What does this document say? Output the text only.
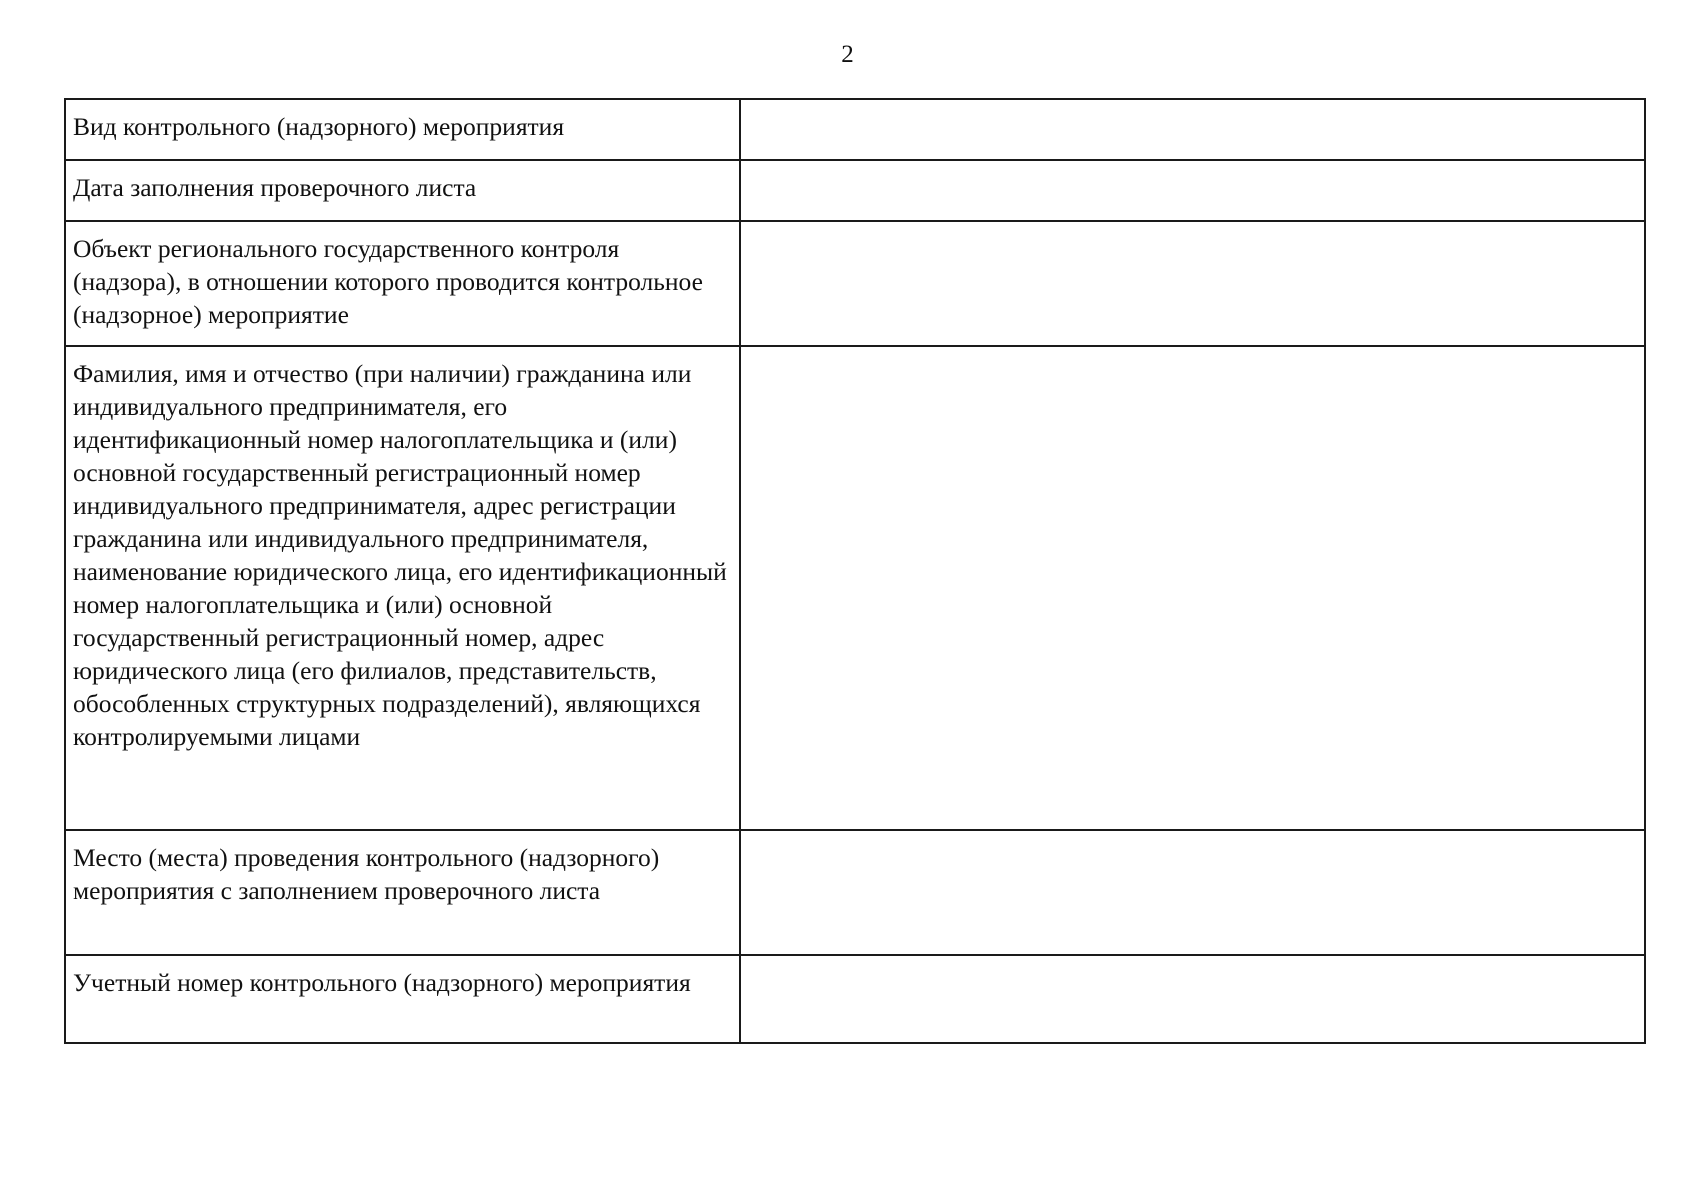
2
Вид контрольного (надзорного) мероприятия	
Дата заполнения проверочного листа	
Объект регионального государственного контроля (надзора), в отношении которого проводится контрольное (надзорное) мероприятие	
Фамилия, имя и отчество (при наличии) гражданина или индивидуального предпринимателя, его идентификационный номер налогоплательщика и (или) основной государственный регистрационный номер индивидуального предпринимателя, адрес регистрации гражданина или индивидуального предпринимателя, наименование юридического лица, его идентификационный номер налогоплательщика и (или) основной государственный регистрационный номер, адрес юридического лица (его филиалов, представительств, обособленных структурных подразделений), являющихся контролируемыми лицами	
Место (места) проведения контрольного (надзорного) мероприятия с заполнением проверочного листа	
Учетный номер контрольного (надзорного) мероприятия	
